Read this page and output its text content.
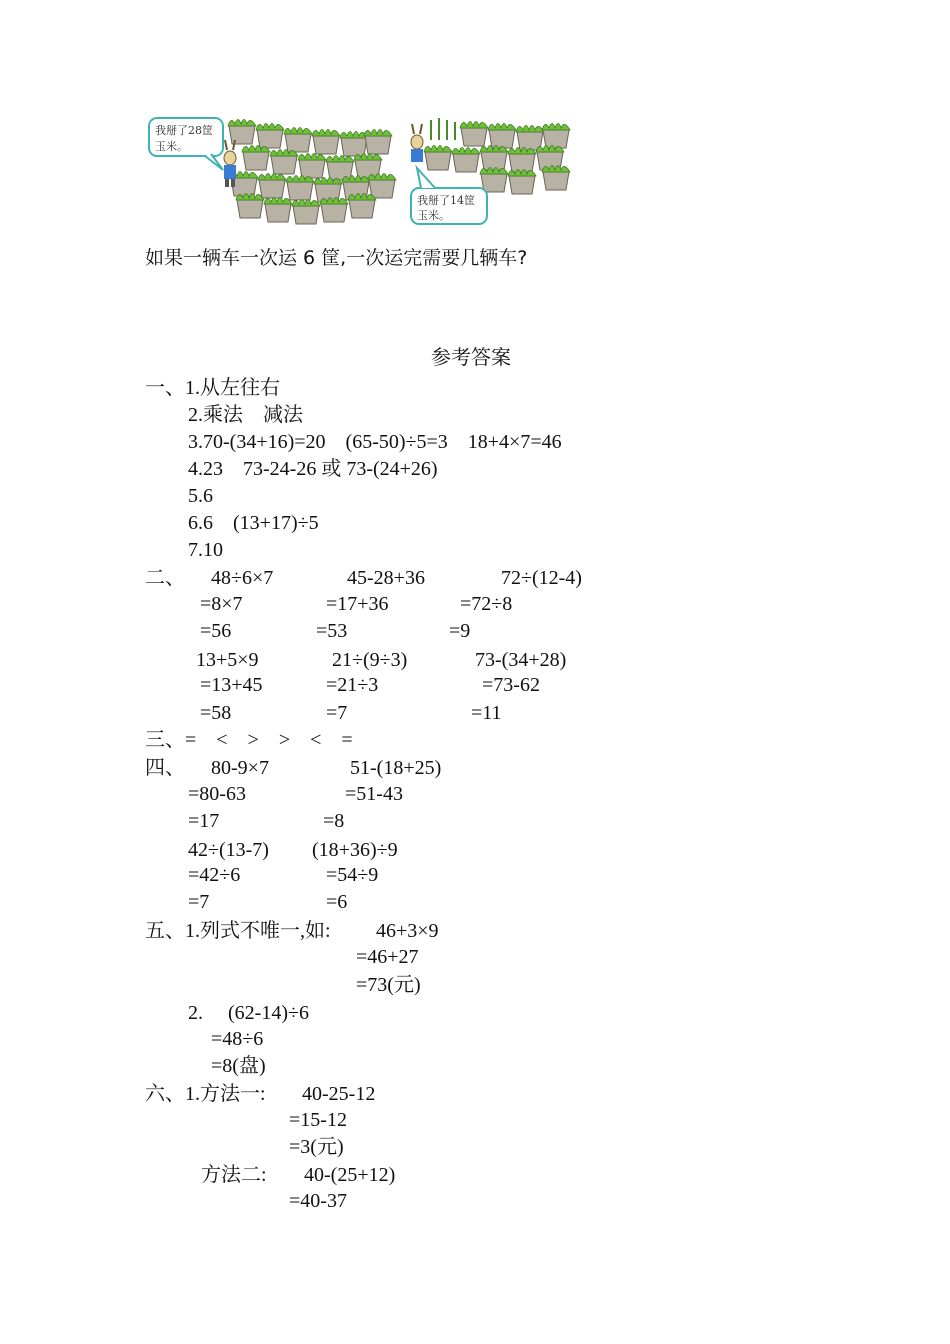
我掰了28筐
玉米。
我掰了14筐
玉米。
如果一辆车一次运 6 筐,一次运完需要几辆车?
参考答案
一、1.从左往右
2.乘法    减法
3.70-(34+16)=20    (65-50)÷5=3    18+4×7=46
4.23    73-24-26 或 73-(24+26)
5.6
6.6    (13+17)÷5
7.10
二、 48÷6×7	45-28+36	72÷(12-4)
=8×7	=17+36	=72÷8
=56	=53	=9
13+5×9	21÷(9÷3)	73-(34+28)
=13+45	=21÷3	=73-62
=58	=7	=11
三、=    <    >    >    <    =
四、 80-9×7	51-(18+25)
=80-63	=51-43
=17	=8
42÷(13-7) (18+36)÷9
=42÷6	=54÷9
=7	=6
五、1.列式不唯一,如: 46+3×9
=46+27
=73(元)
2. (62-14)÷6
=48÷6
=8(盘)
六、1.方法一: 40-25-12
=15-12
=3(元)
方法二: 40-(25+12)
=40-37
